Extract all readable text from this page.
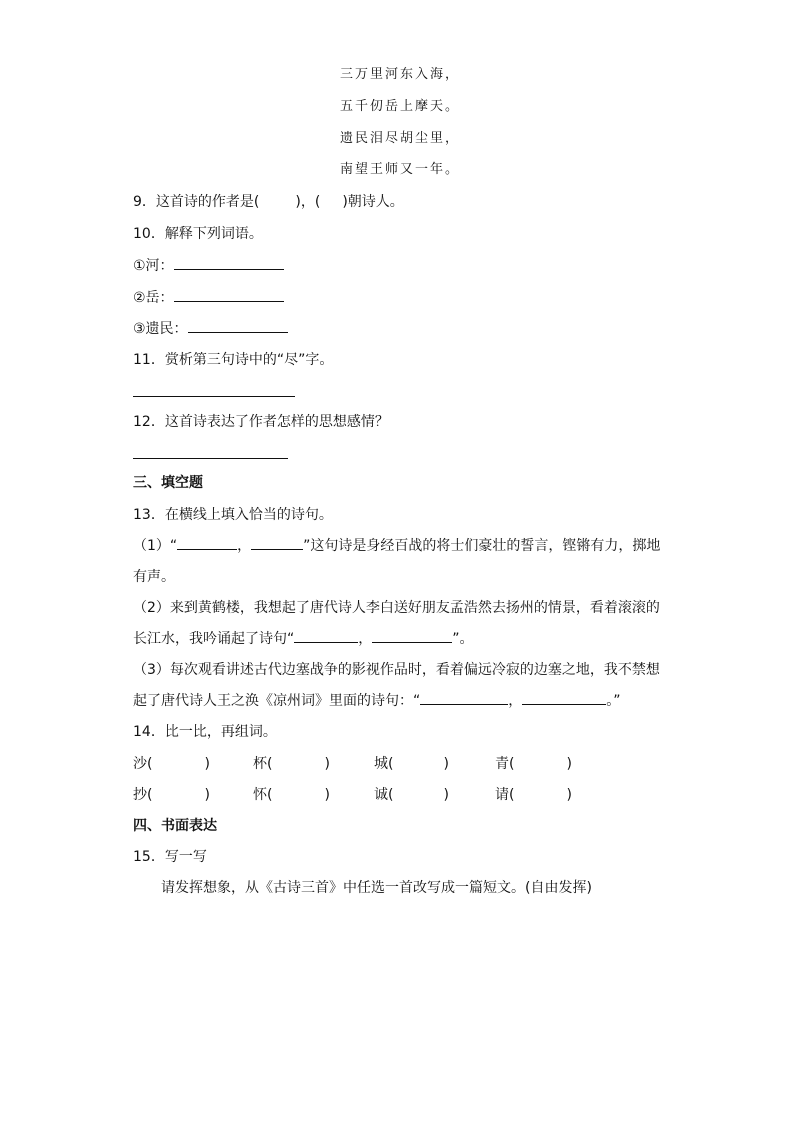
三万里河东入海，
五千仞岳上摩天。
遗民泪尽胡尘里，
南望王师又一年。
9．这首诗的作者是(	)，( )朝诗人。
10．解释下列词语。
①河：
②岳：
③遗民：
11．赏析第三句诗中的“尽”字。
12．这首诗表达了作者怎样的思想感情？
三、填空题
13．在横线上填入恰当的诗句。
（1）“	，	”这句诗是身经百战的将士们豪壮的誓言，铿锵有力，掷地
有声。
（2）来到黄鹤楼，我想起了唐代诗人李白送好朋友孟浩然去扬州的情景，看着滚滚的
长江水，我吟诵起了诗句“	，	”。
（3）每次观看讲述古代边塞战争的影视作品时，看着偏远冷寂的边塞之地，我不禁想
起了唐代诗人王之涣《凉州词》里面的诗句：“	，	。”
14．比一比，再组词。
沙(	)	杯(	)	城(	)	青(	)
抄(	)	怀(	)	诚(	)	请(	)
四、书面表达
15．写一写
请发挥想象，从《古诗三首》中任选一首改写成一篇短文。(自由发挥)
